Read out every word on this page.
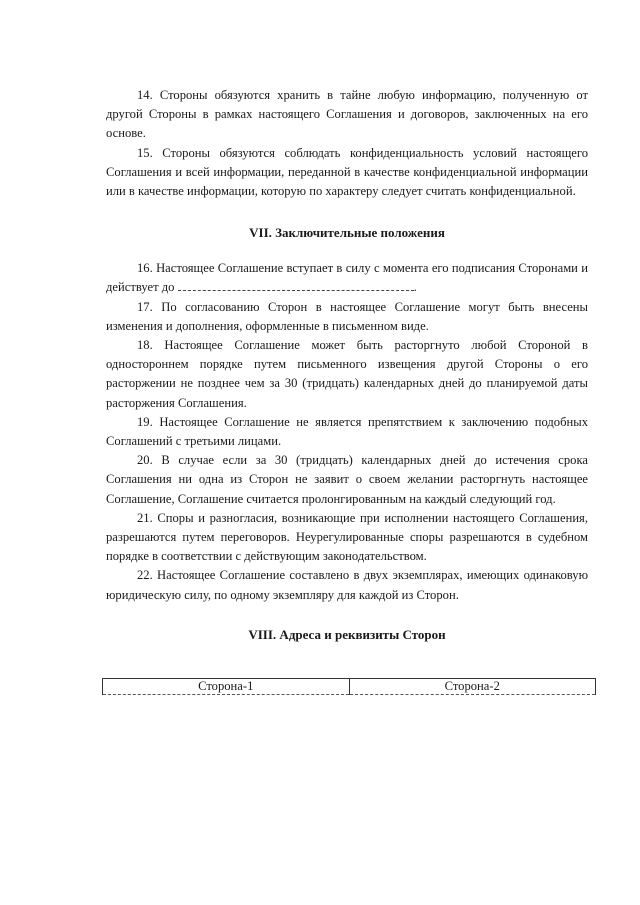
14. Стороны обязуются хранить в тайне любую информацию, полученную от другой Стороны в рамках настоящего Соглашения и договоров, заключенных на его основе.

15. Стороны обязуются соблюдать конфиденциальность условий настоящего Соглашения и всей информации, переданной в качестве конфиденциальной информации или в качестве информации, которую по характеру следует считать конфиденциальной.

VII. Заключительные положения

16. Настоящее Соглашение вступает в силу с момента его подписания Сторонами и действует до	.

17. По согласованию Сторон в настоящее Соглашение могут быть внесены изменения и дополнения, оформленные в письменном виде.

18. Настоящее Соглашение может быть расторгнуто любой Стороной в одностороннем порядке путем письменного извещения другой Стороны о его расторжении не позднее чем за 30 (тридцать) календарных дней до планируемой даты расторжения Соглашения.

19. Настоящее Соглашение не является препятствием к заключению подобных Соглашений с третьими лицами.

20. В случае если за 30 (тридцать) календарных дней до истечения срока Соглашения ни одна из Сторон не заявит о своем желании расторгнуть настоящее Соглашение, Соглашение считается пролонгированным на каждый следующий год.

21. Споры и разногласия, возникающие при исполнении настоящего Соглашения, разрешаются путем переговоров. Неурегулированные споры разрешаются в судебном порядке в соответствии с действующим законодательством.

22. Настоящее Соглашение составлено в двух экземплярах, имеющих одинаковую юридическую силу, по одному экземпляру для каждой из Сторон.

VIII. Адреса и реквизиты Сторон
Сторона-1	Сторона-2
